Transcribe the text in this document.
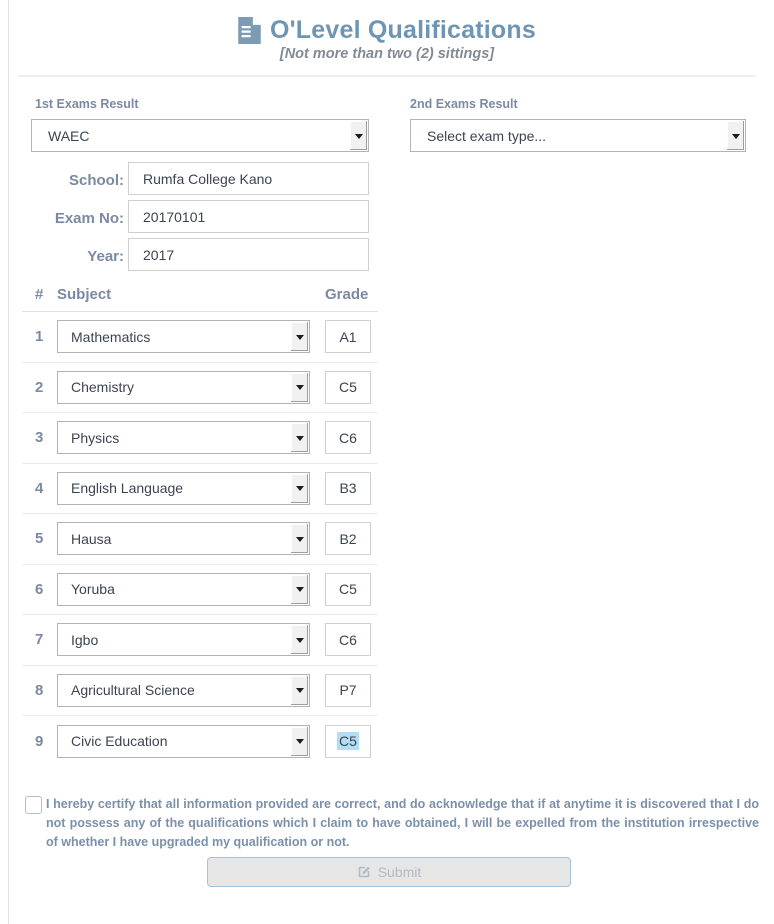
O'Level Qualifications
[Not more than two (2) sittings]
1st Exams Result	2nd Exams Result
WAEC	Select exam type...
School:
Rumfa College Kano
Exam No:
20170101
Year:
2017
# Subject	Grade
1	Mathematics	A1
2	Chemistry	C5
3	Physics	C6
4	English Language	B3
5	Hausa	B2
6	Yoruba	C5
7	Igbo	C6
8	Agricultural Science	P7
9	Civic Education	C5
I hereby certify that all information provided are correct, and do acknowledge that if at anytime it is discovered that I do not possess any of the qualifications which I claim to have obtained, I will be expelled from the institution irrespective of whether I have upgraded my qualification or not.
Submit
